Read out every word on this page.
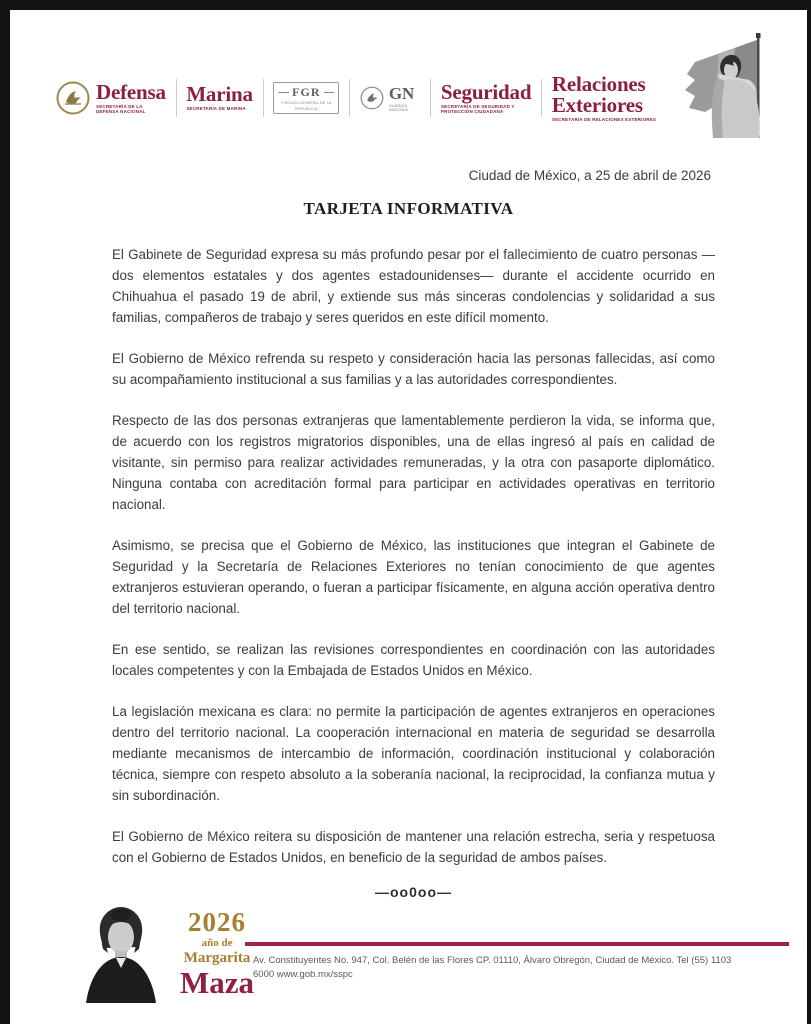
Defensa
SECRETARÍA DE LA DEFENSA NACIONAL
Marina
SECRETARÍA DE MARINA
FGR
FISCALÍA GENERAL DE LA REPÚBLICA
GN
GUARDIA NACIONAL
Seguridad
SECRETARÍA DE SEGURIDAD Y PROTECCIÓN CIUDADANA
Relaciones Exteriores
SECRETARÍA DE RELACIONES EXTERIORES
Ciudad de México, a 25 de abril de 2026
TARJETA INFORMATIVA

El Gabinete de Seguridad expresa su más profundo pesar por el fallecimiento de cuatro personas —dos elementos estatales y dos agentes estadounidenses— durante el accidente ocurrido en Chihuahua el pasado 19 de abril, y extiende sus más sinceras condolencias y solidaridad a sus familias, compañeros de trabajo y seres queridos en este difícil momento.

El Gobierno de México refrenda su respeto y consideración hacia las personas fallecidas, así como su acompañamiento institucional a sus familias y a las autoridades correspondientes.

Respecto de las dos personas extranjeras que lamentablemente perdieron la vida, se informa que, de acuerdo con los registros migratorios disponibles, una de ellas ingresó al país en calidad de visitante, sin permiso para realizar actividades remuneradas, y la otra con pasaporte diplomático. Ninguna contaba con acreditación formal para participar en actividades operativas en territorio nacional.

Asimismo, se precisa que el Gobierno de México, las instituciones que integran el Gabinete de Seguridad y la Secretaría de Relaciones Exteriores no tenían conocimiento de que agentes extranjeros estuvieran operando, o fueran a participar físicamente, en alguna acción operativa dentro del territorio nacional.

En ese sentido, se realizan las revisiones correspondientes en coordinación con las autoridades locales competentes y con la Embajada de Estados Unidos en México.

La legislación mexicana es clara: no permite la participación de agentes extranjeros en operaciones dentro del territorio nacional. La cooperación internacional en materia de seguridad se desarrolla mediante mecanismos de intercambio de información, coordinación institucional y colaboración técnica, siempre con respeto absoluto a la soberanía nacional, la reciprocidad, la confianza mutua y sin subordinación.

El Gobierno de México reitera su disposición de mantener una relación estrecha, seria y respetuosa con el Gobierno de Estados Unidos, en beneficio de la seguridad de ambos países.

—oo0oo—
2026
año de
Margarita
Maza
Av. Constituyentes No. 947, Col. Belén de las Flores CP. 01110, Álvaro Obregón, Ciudad de México. Tel (55) 1103
6000 www.gob.mx/sspc
